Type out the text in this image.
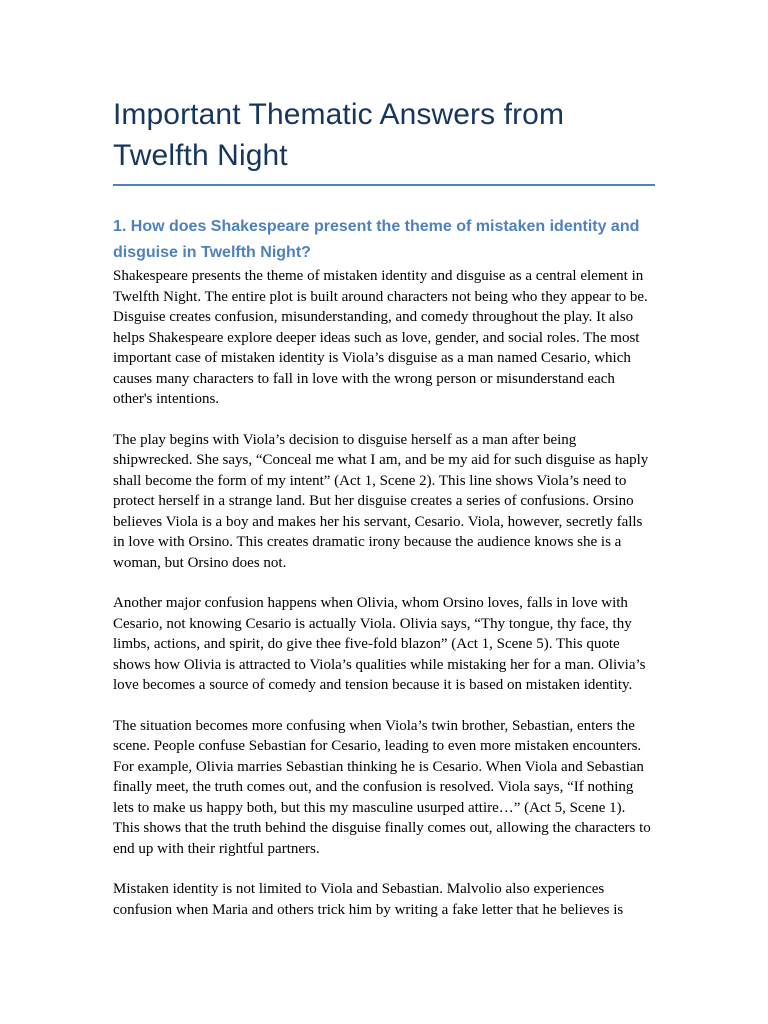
Important Thematic Answers from Twelfth Night
1. How does Shakespeare present the theme of mistaken identity and disguise in Twelfth Night?

Shakespeare presents the theme of mistaken identity and disguise as a central element in Twelfth Night. The entire plot is built around characters not being who they appear to be. Disguise creates confusion, misunderstanding, and comedy throughout the play. It also helps Shakespeare explore deeper ideas such as love, gender, and social roles. The most important case of mistaken identity is Viola’s disguise as a man named Cesario, which causes many characters to fall in love with the wrong person or misunderstand each other's intentions.

The play begins with Viola’s decision to disguise herself as a man after being shipwrecked. She says, “Conceal me what I am, and be my aid for such disguise as haply shall become the form of my intent” (Act 1, Scene 2). This line shows Viola’s need to protect herself in a strange land. But her disguise creates a series of confusions. Orsino believes Viola is a boy and makes her his servant, Cesario. Viola, however, secretly falls in love with Orsino. This creates dramatic irony because the audience knows she is a woman, but Orsino does not.

Another major confusion happens when Olivia, whom Orsino loves, falls in love with Cesario, not knowing Cesario is actually Viola. Olivia says, “Thy tongue, thy face, thy limbs, actions, and spirit, do give thee five-fold blazon” (Act 1, Scene 5). This quote shows how Olivia is attracted to Viola’s qualities while mistaking her for a man. Olivia’s love becomes a source of comedy and tension because it is based on mistaken identity.

The situation becomes more confusing when Viola’s twin brother, Sebastian, enters the scene. People confuse Sebastian for Cesario, leading to even more mistaken encounters. For example, Olivia marries Sebastian thinking he is Cesario. When Viola and Sebastian finally meet, the truth comes out, and the confusion is resolved. Viola says, “If nothing lets to make us happy both, but this my masculine usurped attire…” (Act 5, Scene 1). This shows that the truth behind the disguise finally comes out, allowing the characters to end up with their rightful partners.

Mistaken identity is not limited to Viola and Sebastian. Malvolio also experiences confusion when Maria and others trick him by writing a fake letter that he believes is
